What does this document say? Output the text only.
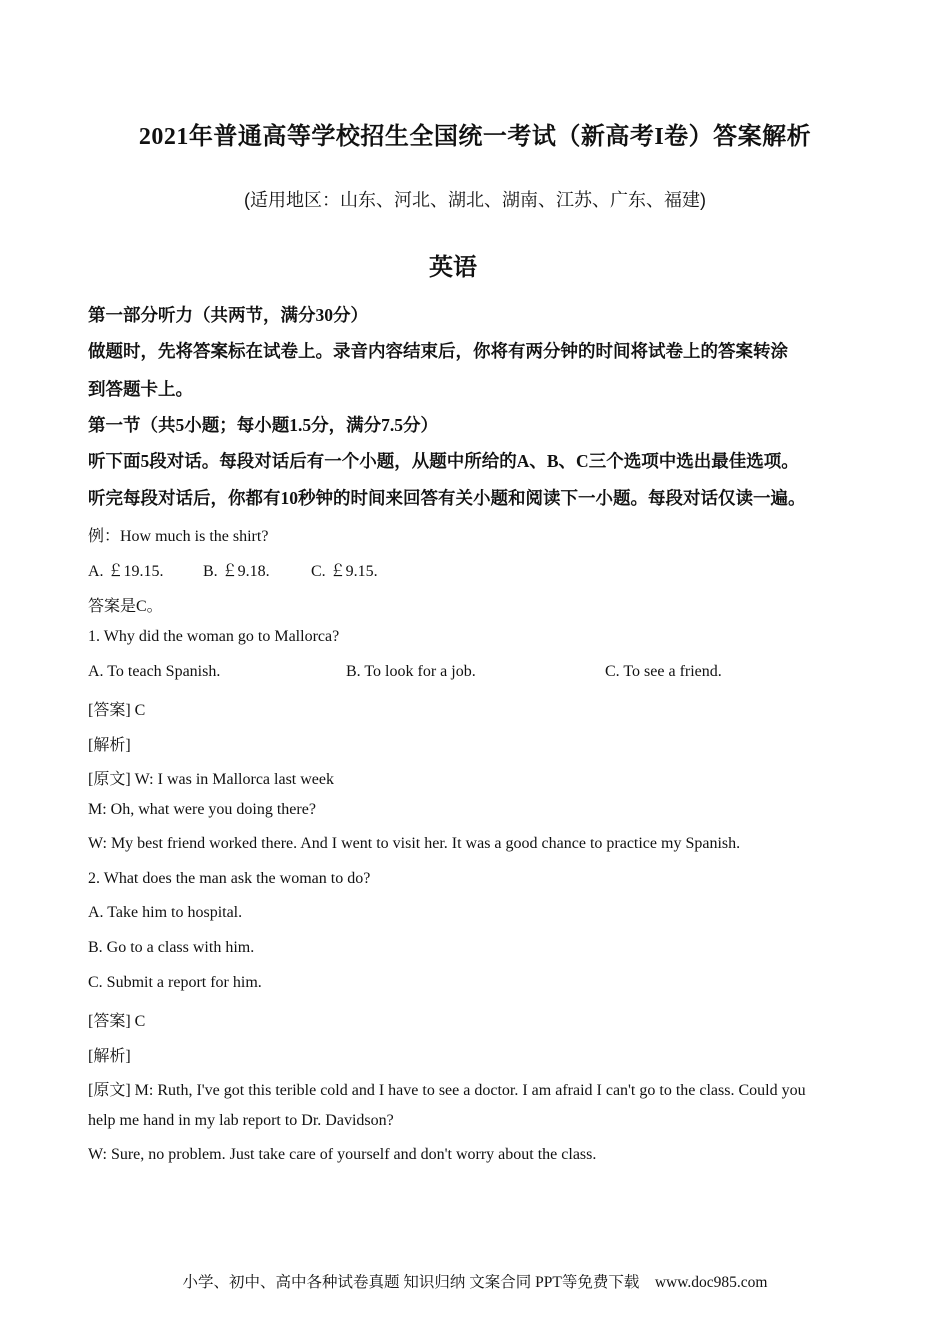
2021年普通高等学校招生全国统一考试（新高考I卷）答案解析
(适用地区：山东、河北、湖北、湖南、江苏、广东、福建)
英语
第一部分听力（共两节，满分30分）
做题时，先将答案标在试卷上。录音内容结束后，你将有两分钟的时间将试卷上的答案转涂
到答题卡上。
第一节（共5小题；每小题1.5分，满分7.5分）
听下面5段对话。每段对话后有一个小题，从题中所给的A、B、C三个选项中选出最佳选项。
听完每段对话后，你都有10秒钟的时间来回答有关小题和阅读下一小题。每段对话仅读一遍。
例：How much is the shirt?
A. ￡19.15. B. ￡9.18.	C. ￡9.15.
答案是C。
1. Why did the woman go to Mallorca?
A. To teach Spanish.	B. To look for a job.	C. To see a friend.
[答案] C
[解析]
[原文] W: I was in Mallorca last week
M: Oh, what were you doing there?
W: My best friend worked there. And I went to visit her. It was a good chance to practice my Spanish.
2. What does the man ask the woman to do?
A. Take him to hospital.
B. Go to a class with him.
C. Submit a report for him.
[答案] C
[解析]
[原文] M: Ruth, I've got this terible cold and I have to see a doctor. I am afraid I can't go to the class. Could you
help me hand in my lab report to Dr. Davidson?
W: Sure, no problem. Just take care of yourself and don't worry about the class.
小学、初中、高中各种试卷真题 知识归纳 文案合同 PPT等免费下载　www.doc985.com
